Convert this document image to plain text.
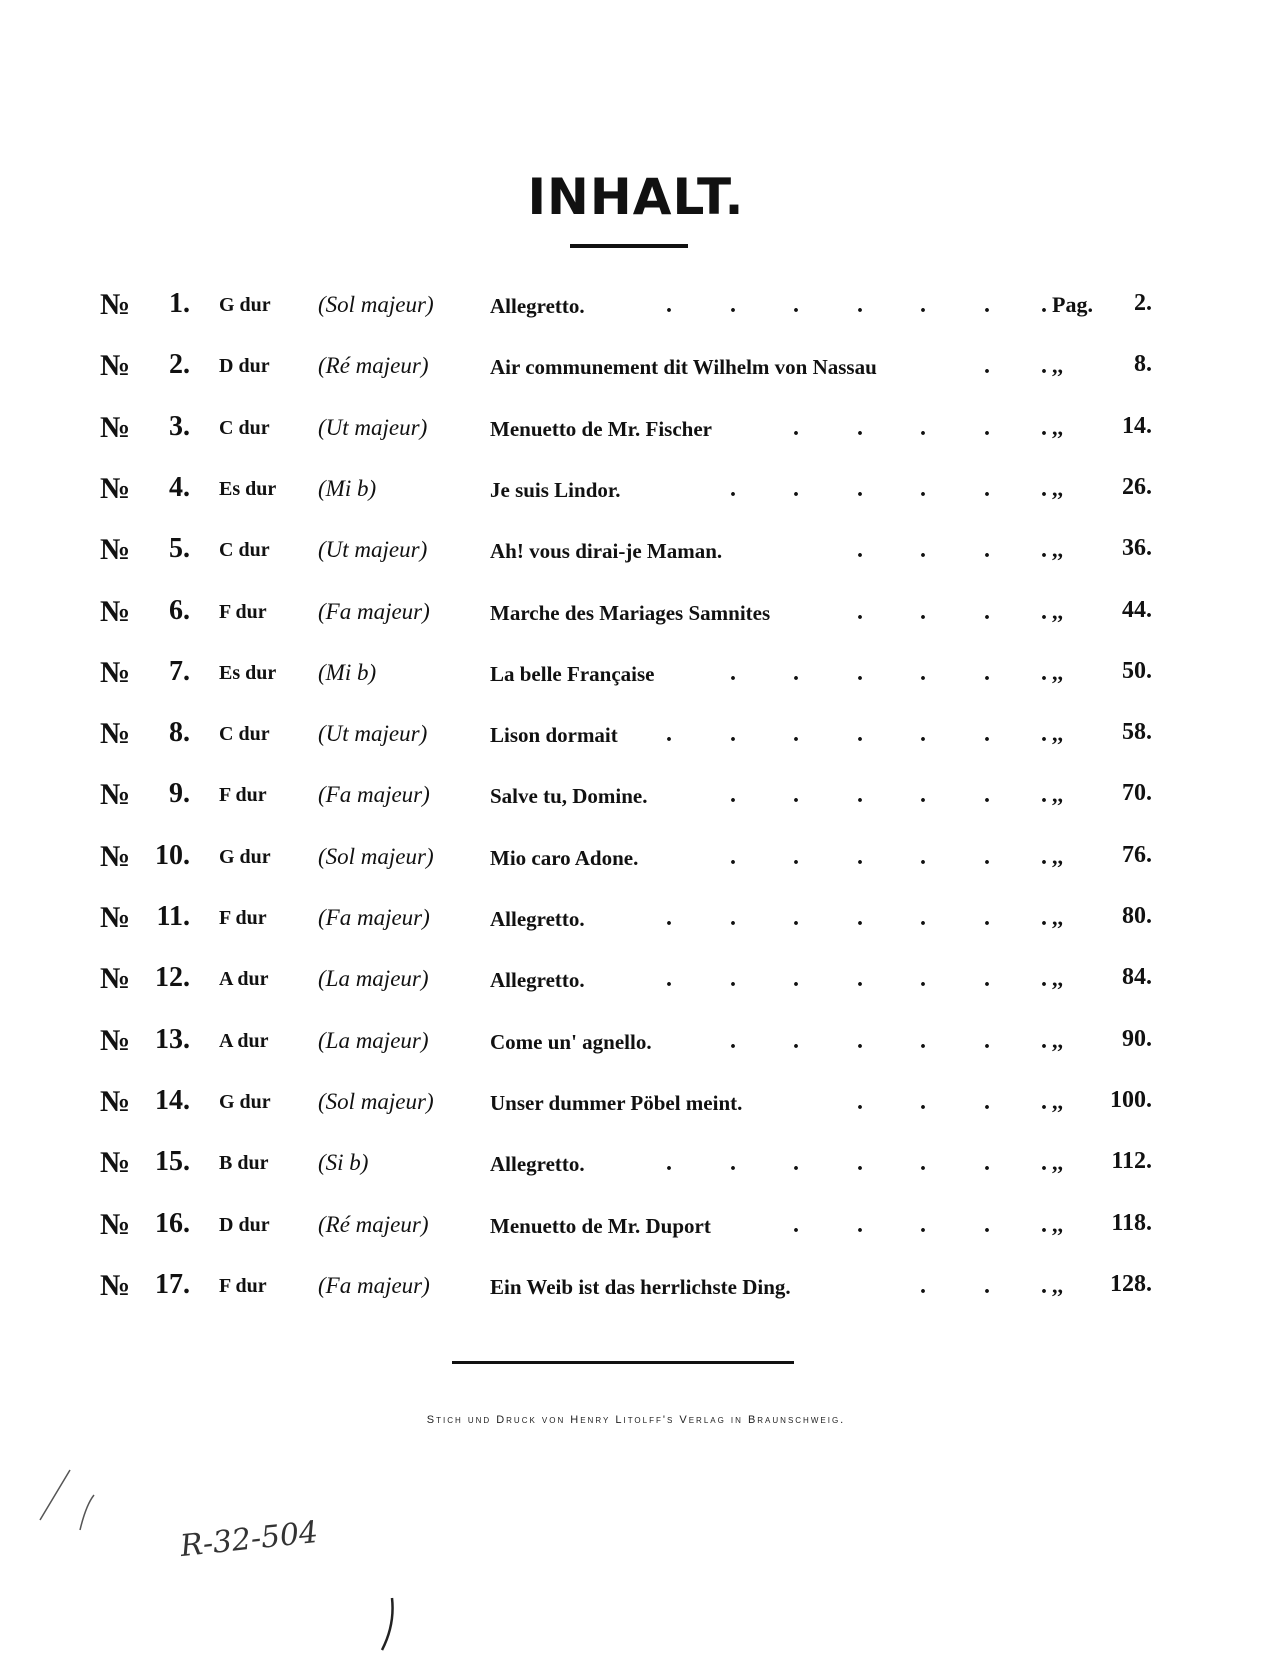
INHALT.
№	1. G dur (Sol majeur)	Allegretto.	. . . . . . . Pag. 2.
№	2. D dur (Ré majeur)	Air communement dit Wilhelm von Nassau	. . ,,	8.
№	3. C dur (Ut majeur)	Menuetto de Mr. Fischer	. . . . . ,, 14.
№	4. Es dur (Mi b)	Je suis Lindor.	. . . . . . ,, 26.
№	5. C dur (Ut majeur)	Ah! vous dirai-je Maman.	. . . . ,, 36.
№	6. F dur (Fa majeur)	Marche des Mariages Samnites	. . . . ,, 44.
№	7. Es dur (Mi b)	La belle Française	. . . . . . ,, 50.
№	8. C dur (Ut majeur)	Lison dormait . . . . . . . ,, 58.
№	9. F dur (Fa majeur)	Salve tu, Domine.	. . . . . . ,, 70.
№ 10. G dur (Sol majeur)	Mio caro Adone.	. . . . . . ,, 76.
№ 11. F dur (Fa majeur)	Allegretto.	. . . . . . . ,, 80.
№ 12. A dur (La majeur)	Allegretto.	. . . . . . . ,, 84.
№ 13. A dur (La majeur)	Come un' agnello.	. . . . . . ,, 90.
№ 14. G dur (Sol majeur)	Unser dummer Pöbel meint.	. . . . ,, 100.
№ 15. B dur (Si b)	Allegretto.	. . . . . . . ,, 112.
№ 16. D dur (Ré majeur)	Menuetto de Mr. Duport	. . . . . ,, 118.
№ 17. F dur (Fa majeur)	Ein Weib ist das herrlichste Ding.	. . . ,, 128.
Stich und Druck von Henry Litolff's Verlag in Braunschweig.
R-32-504
